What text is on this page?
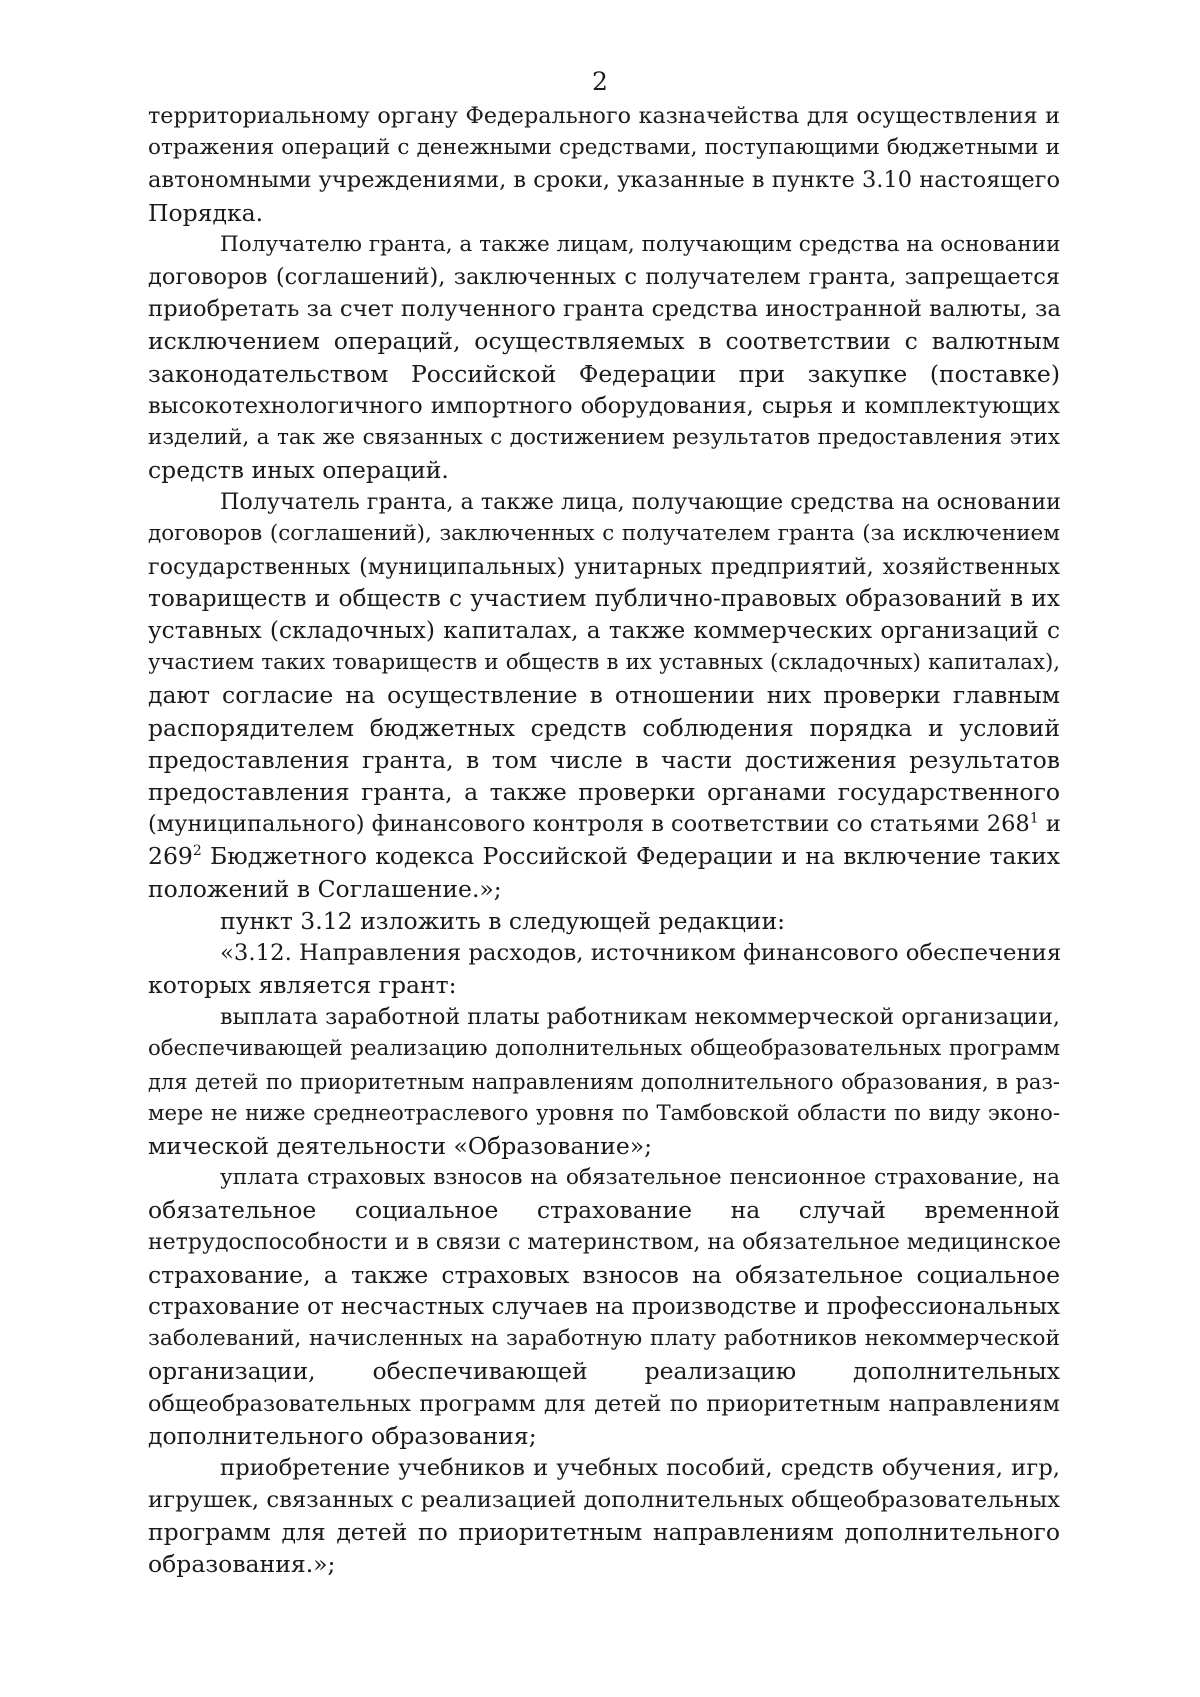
2
территориальному органу Федерального казначейства для осуществления и
отражения операций с денежными средствами, поступающими бюджетными и
автономными учреждениями, в сроки, указанные в пункте 3.10 настоящего
Порядка.
Получателю гранта, а также лицам, получающим средства на основании
договоров (соглашений), заключенных с получателем гранта, запрещается
приобретать за счет полученного гранта средства иностранной валюты, за
исключением операций, осуществляемых в соответствии с валютным
законодательством Российской Федерации при закупке (поставке)
высокотехнологичного импортного оборудования, сырья и комплектующих
изделий, а так же связанных с достижением результатов предоставления этих
средств иных операций.
Получатель гранта, а также лица, получающие средства на основании
договоров (соглашений), заключенных с получателем гранта (за исключением
государственных (муниципальных) унитарных предприятий, хозяйственных
товариществ и обществ с участием публично-правовых образований в их
уставных (складочных) капиталах, а также коммерческих организаций с
участием таких товариществ и обществ в их уставных (складочных) капиталах),
дают согласие на осуществление в отношении них проверки главным
распорядителем бюджетных средств соблюдения порядка и условий
предоставления гранта, в том числе в части достижения результатов
предоставления гранта, а также проверки органами государственного
(муниципального) финансового контроля в соответствии со статьями $268^1$ и
$269^2$ Бюджетного кодекса Российской Федерации и на включение таких
положений в Соглашение.»;
пункт 3.12 изложить в следующей редакции:
«3.12. Направления расходов, источником финансового обеспечения
которых является грант:
выплата заработной платы работникам некоммерческой организации,
обеспечивающей реализацию дополнительных общеобразовательных программ
для детей по приоритетным направлениям дополнительного образования, в раз-
мере не ниже среднеотраслевого уровня по Тамбовской области по виду эконо-
мической деятельности «Образование»;
уплата страховых взносов на обязательное пенсионное страхование, на
обязательное социальное страхование на случай временной
нетрудоспособности и в связи с материнством, на обязательное медицинское
страхование, а также страховых взносов на обязательное социальное
страхование от несчастных случаев на производстве и профессиональных
заболеваний, начисленных на заработную плату работников некоммерческой
организации, обеспечивающей реализацию дополнительных
общеобразовательных программ для детей по приоритетным направлениям
дополнительного образования;
приобретение учебников и учебных пособий, средств обучения, игр,
игрушек, связанных с реализацией дополнительных общеобразовательных
программ для детей по приоритетным направлениям дополнительного
образования.»;
